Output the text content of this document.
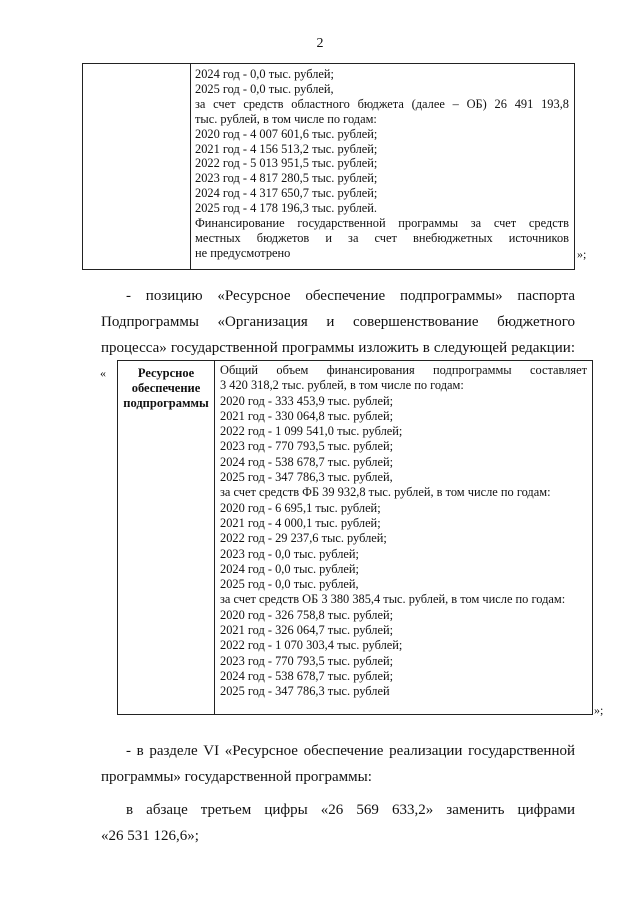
2
2024 год - 0,0 тыс. рублей;
2025 год - 0,0 тыс. рублей,
за счет средств областного бюджета (далее – ОБ) 26 491 193,8
тыс. рублей, в том числе по годам:
2020 год - 4 007 601,6 тыс. рублей;
2021 год - 4 156 513,2 тыс. рублей;
2022 год - 5 013 951,5 тыс. рублей;
2023 год - 4 817 280,5 тыс. рублей;
2024 год - 4 317 650,7 тыс. рублей;
2025 год - 4 178 196,3 тыс. рублей.
Финансирование государственной программы за счет средств
местных бюджетов и за счет внебюджетных источников
не предусмотрено	»;
- позицию «Ресурсное обеспечение подпрограммы» паспорта
Подпрограммы «Организация и совершенствование бюджетного
процесса» государственной программы изложить в следующей редакции:
«	Ресурсное
обеспечение
подпрограммы
Общий объем финансирования подпрограммы составляет
3 420 318,2 тыс. рублей, в том числе по годам:
2020 год - 333 453,9 тыс. рублей;
2021 год - 330 064,8 тыс. рублей;
2022 год - 1 099 541,0 тыс. рублей;
2023 год - 770 793,5 тыс. рублей;
2024 год - 538 678,7 тыс. рублей;
2025 год - 347 786,3 тыс. рублей,
за счет средств ФБ 39 932,8 тыс. рублей, в том числе по годам:
2020 год - 6 695,1 тыс. рублей;
2021 год - 4 000,1 тыс. рублей;
2022 год - 29 237,6 тыс. рублей;
2023 год - 0,0 тыс. рублей;
2024 год - 0,0 тыс. рублей;
2025 год - 0,0 тыс. рублей,
за счет средств ОБ 3 380 385,4 тыс. рублей, в том числе по годам:
2020 год - 326 758,8 тыс. рублей;
2021 год - 326 064,7 тыс. рублей;
2022 год - 1 070 303,4 тыс. рублей;
2023 год - 770 793,5 тыс. рублей;
2024 год - 538 678,7 тыс. рублей;
2025 год - 347 786,3 тыс. рублей
»;
- в разделе VI «Ресурсное обеспечение реализации государственной
программы» государственной программы:
в абзаце третьем цифры «26 569 633,2» заменить цифрами
«26 531 126,6»;
